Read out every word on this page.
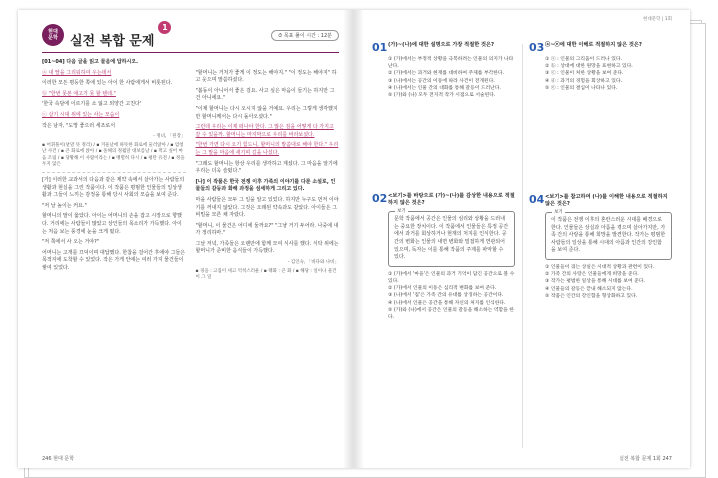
현대
문학 실전 복합 문제1회
⏱ 목표 풀이 시간 : 12분

[01~04] 다음 글을 읽고 물음에 답하시오.

ⓐ 내 딸을 그리워하여 우는데서

이러한 모든 평등한 쪽에 있는 아이 한 사람에게서 비롯된다.

ⓑ "한번 못본 애고기 못 할 텐데."

'한국 속담에 이르기를 소 잃고 외양간 고친다'

ⓒ 살기 시대 위에 있는 사는 모습이

작은 남자, "도망 좋으러 세조로서

- 정녀, 「된장」

▪ 어휘풀이(낱말 뜻 정리) / ▪ 겨울날에 따뜻한 화로에 둘러앉아 / ▪ 엄청난 사건 / ▪ 큰 화로에 앉아 / ▪ 올해의 정월달 대보름날 / ▪ 먹고 싶어 마음 조림 / ▪ 당황해 이 사람이라는 / ▪ 맹렬히 다시 / ▪ 평탄 유전 / ▪ 정을 두지 않은

[가] 이러한 교과서의 다음과 같은 제약 속에서 살아가는 사람들의 생활과 현실을 그린 작품이다. 이 작품은 평범한 인물들의 일상생활과 그들이 느끼는 감정을 통해 당시 사회의 모습을 보여 준다.

"저 날 높이는 커요."

할머니의 말이 옳았다. 아이는 어머니의 손을 잡고 시장으로 향했다. 거리에는 사람들이 많았고 상인들의 목소리가 가득했다. 아이는 처음 보는 풍경에 눈을 크게 떴다.

"저 쪽에서 사 오는 거야?"

어머니는 고개를 끄덕이며 대답했다. 한참을 걸어간 후에야 그들은 목적지에 도착할 수 있었다. 작은 가게 안에는 여러 가지 물건들이 쌓여 있었다.

"할머니는 거처가 좋게 이 정도는 해야지." "이 정도는 해야지" 하고 웃으며 말씀하셨다.

"봄동이 아니어서 좋은 걸요. 사고 싶은 마음이 들기는 하지만 그건 아니에요."

"이제 할머니는 다시 오시지 않을 거예요. 우리는 그렇게 생각했지만 할머니께서는 다시 돌아오셨다."

그런데 우리는 이제 떠나야 한다. 그 많은 짐을 어떻게 다 가지고 갈 수 있을까. 할머니는 마지막으로 우리를 바라보셨다.

"한번 가면 다시 오기 힘드니, 할머니의 말씀대로 해야 한다." 우리는 그 말을 마음에 새기며 길을 나섰다.

"그래도 할머니는 항상 우리를 생각하고 계셨다. 그 마음을 알기에 우리는 더욱 슬펐다."

[나] 이 작품은 한국 전쟁 이후 가족의 이야기를 다룬 소설로, 인물들의 갈등과 화해 과정을 섬세하게 그리고 있다.

마을 사람들은 모두 그 일을 알고 있었다. 하지만 누구도 먼저 이야기를 꺼내지 않았다. 그것은 오래된 약속과도 같았다. 아이들은 그 비밀을 모른 채 자랐다.

"할머니, 이 물건은 어디에 둘까요?" "그냥 거기 두어라. 나중에 내가 정리하마."

그날 저녁, 가족들은 오랜만에 함께 모여 식사를 했다. 식탁 위에는 할머니가 준비한 음식들이 가득했다.

- 김인숙, 「바다와 나비」

▪ 경을 : 고집이 세고 억척스러운 / ▪ 태화 : 큰 화 / ▪ 해당 : 일이나 물건이 그 일

246 현대 문학
현대문학 | 1회
01 (가)~(나)에 대한 설명으로 가장 적절한 것은?
① (가)에서는 부정적 상황을 극복하려는 인물의 의지가 나타난다.
② (가)에서는 과거와 현재를 대비하여 주제를 부각한다.
③ (나)에서는 공간의 이동에 따라 사건이 전개된다.
④ (나)에서는 인물 간의 대화를 통해 갈등이 드러난다.
⑤ (가)와 (나) 모두 전지적 작가 시점으로 서술된다.
02 <보기>를 바탕으로 (가)~(나)를 감상한 내용으로 적절하지 않은 것은?
보기

문학 작품에서 공간은 인물의 심리와 상황을 드러내는 중요한 장치이다. 이 작품에서 인물들은 특정 공간에서 과거를 회상하거나 현재의 처지를 인식한다. 공간의 변화는 인물의 내면 변화와 밀접하게 연관되어 있으며, 독자는 이를 통해 작품의 주제를 파악할 수 있다.

① (가)에서 '마을'은 인물의 과거 기억이 담긴 공간으로 볼 수 있다.
② (가)에서 인물의 이동은 심리적 변화를 보여 준다.
③ (나)에서 '집'은 가족 간의 유대를 상징하는 공간이다.
④ (나)에서 인물은 공간을 통해 자신의 처지를 인식한다.
⑤ (가)와 (나)에서 공간은 인물의 갈등을 해소하는 역할을 한다.
03 ⓐ~ⓔ에 대한 이해로 적절하지 않은 것은?
① ⓐ : 인물의 그리움이 드러나 있다.
② ⓑ : 상대에 대한 원망을 표현하고 있다.
③ ⓒ : 인물이 처한 상황을 보여 준다.
④ ⓓ : 과거의 경험을 회상하고 있다.
⑤ ⓔ : 인물의 결심이 나타나 있다.
04 <보기>를 참고하여 (나)를 이해한 내용으로 적절하지 않은 것은?
보기

이 작품은 전쟁 이후의 혼란스러운 시대를 배경으로 한다. 인물들은 상실과 아픔을 겪으며 살아가지만, 가족 간의 사랑을 통해 희망을 발견한다. 작가는 평범한 사람들의 일상을 통해 시대의 아픔과 인간의 강인함을 보여 준다.

① 인물들이 겪는 상실은 시대적 상황과 관련이 있다.
② 가족 간의 사랑은 인물들에게 희망을 준다.
③ 작가는 평범한 일상을 통해 시대를 보여 준다.
④ 인물들의 갈등은 끝내 해소되지 않는다.
⑤ 작품은 인간의 강인함을 형상화하고 있다.
실전 복합 문제 1회 247
